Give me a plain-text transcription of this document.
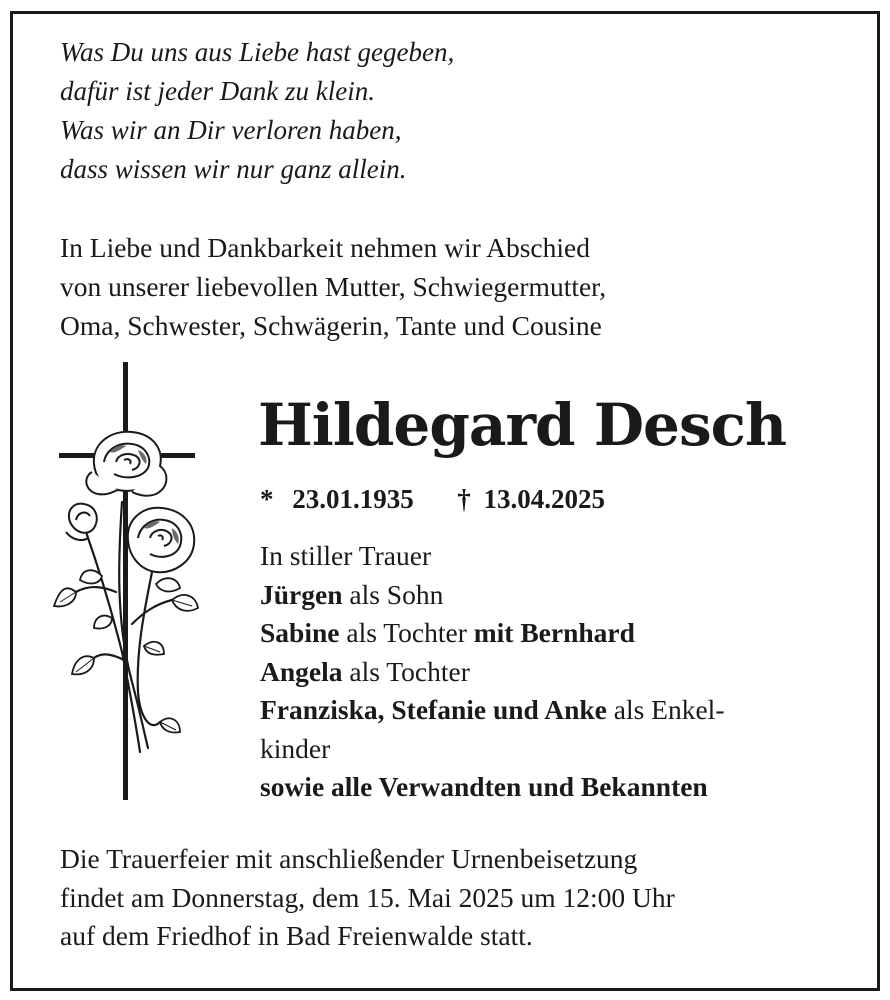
Was Du uns aus Liebe hast gegeben,
dafür ist jeder Dank zu klein.
Was wir an Dir verloren haben,
dass wissen wir nur ganz allein.
In Liebe und Dankbarkeit nehmen wir Abschied
von unserer liebevollen Mutter, Schwiegermutter,
Oma, Schwester, Schwägerin, Tante und Cousine
Hildegard Desch
* 23.01.1935 † 13.04.2025
In stiller Trauer
Jürgen als Sohn
Sabine als Tochter mit Bernhard
Angela als Tochter
Franziska, Stefanie und Anke als Enkel-
kinder
sowie alle Verwandten und Bekannten
Die Trauerfeier mit anschließender Urnenbeisetzung
findet am Donnerstag, dem 15. Mai 2025 um 12:00 Uhr
auf dem Friedhof in Bad Freienwalde statt.
